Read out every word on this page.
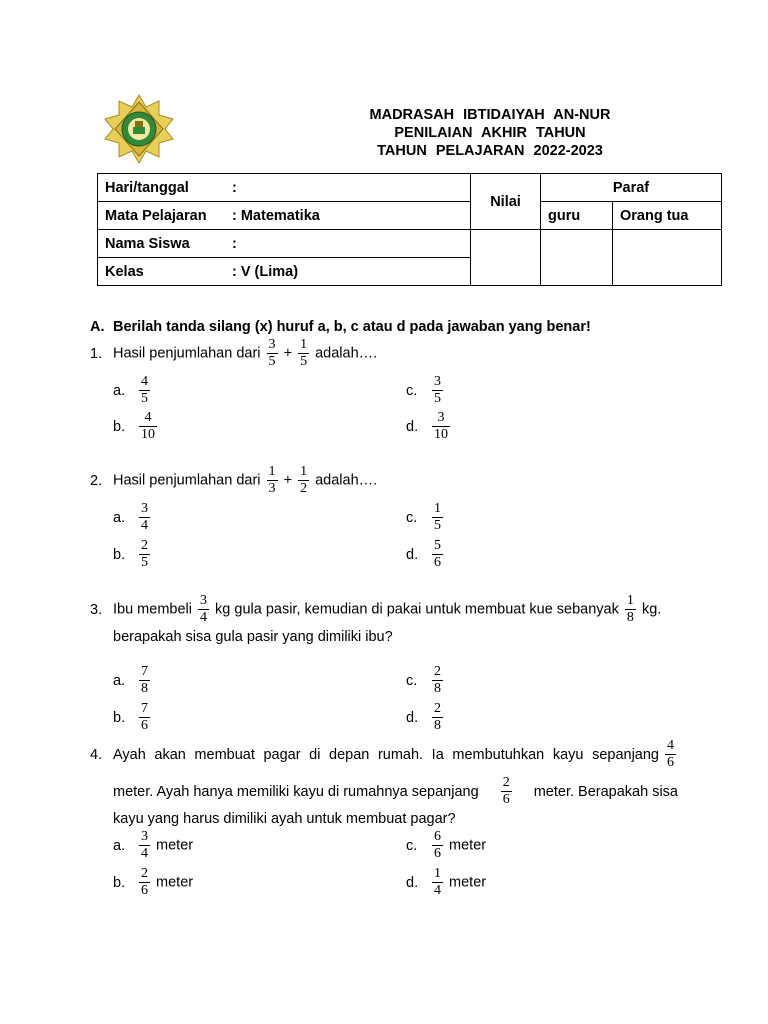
MADRASAH IBTIDAIYAH AN-NUR
PENILAIAN AKHIR TAHUN
TAHUN PELAJARAN 2022-2023
Hari/tanggal :	Nilai	Paraf	
Mata Pelajaran : Matematika		guru	Orang tua
Nama Siswa :			
Kelas : V (Lima)			
A. Berilah tanda silang (x) huruf a, b, c atau d pada jawaban yang benar!
1. Hasil penjumlahan dari $\frac{3}{5} + \frac{1}{5}$ adalah….
a. $\frac{4}{5}$
b. $\frac{4}{10}$
c. $\frac{3}{5}$
d. $\frac{3}{10}$
2. Hasil penjumlahan dari $\frac{1}{3} + \frac{1}{2}$ adalah….
a. $\frac{3}{4}$
b. $\frac{2}{5}$
c. $\frac{1}{5}$
d. $\frac{5}{6}$
3. Ibu membeli $\frac{3}{4}$ kg gula pasir, kemudian di pakai untuk membuat kue sebanyak $\frac{1}{8}$ kg.
berapakah sisa gula pasir yang dimiliki ibu?
a. $\frac{7}{8}$
b. $\frac{7}{6}$
c. $\frac{2}{8}$
d. $\frac{2}{8}$
4. Ayah akan membuat pagar di depan rumah. Ia membutuhkan kayu sepanjang $\frac{4}{6}$
meter. Ayah hanya memiliki kayu di rumahnya sepanjang $\frac{2}{6}$ meter. Berapakah sisa
kayu yang harus dimiliki ayah untuk membuat pagar?
a. $\frac{3}{4}$ meter
b. $\frac{2}{6}$ meter
c. $\frac{6}{6}$ meter
d. $\frac{1}{4}$ meter
